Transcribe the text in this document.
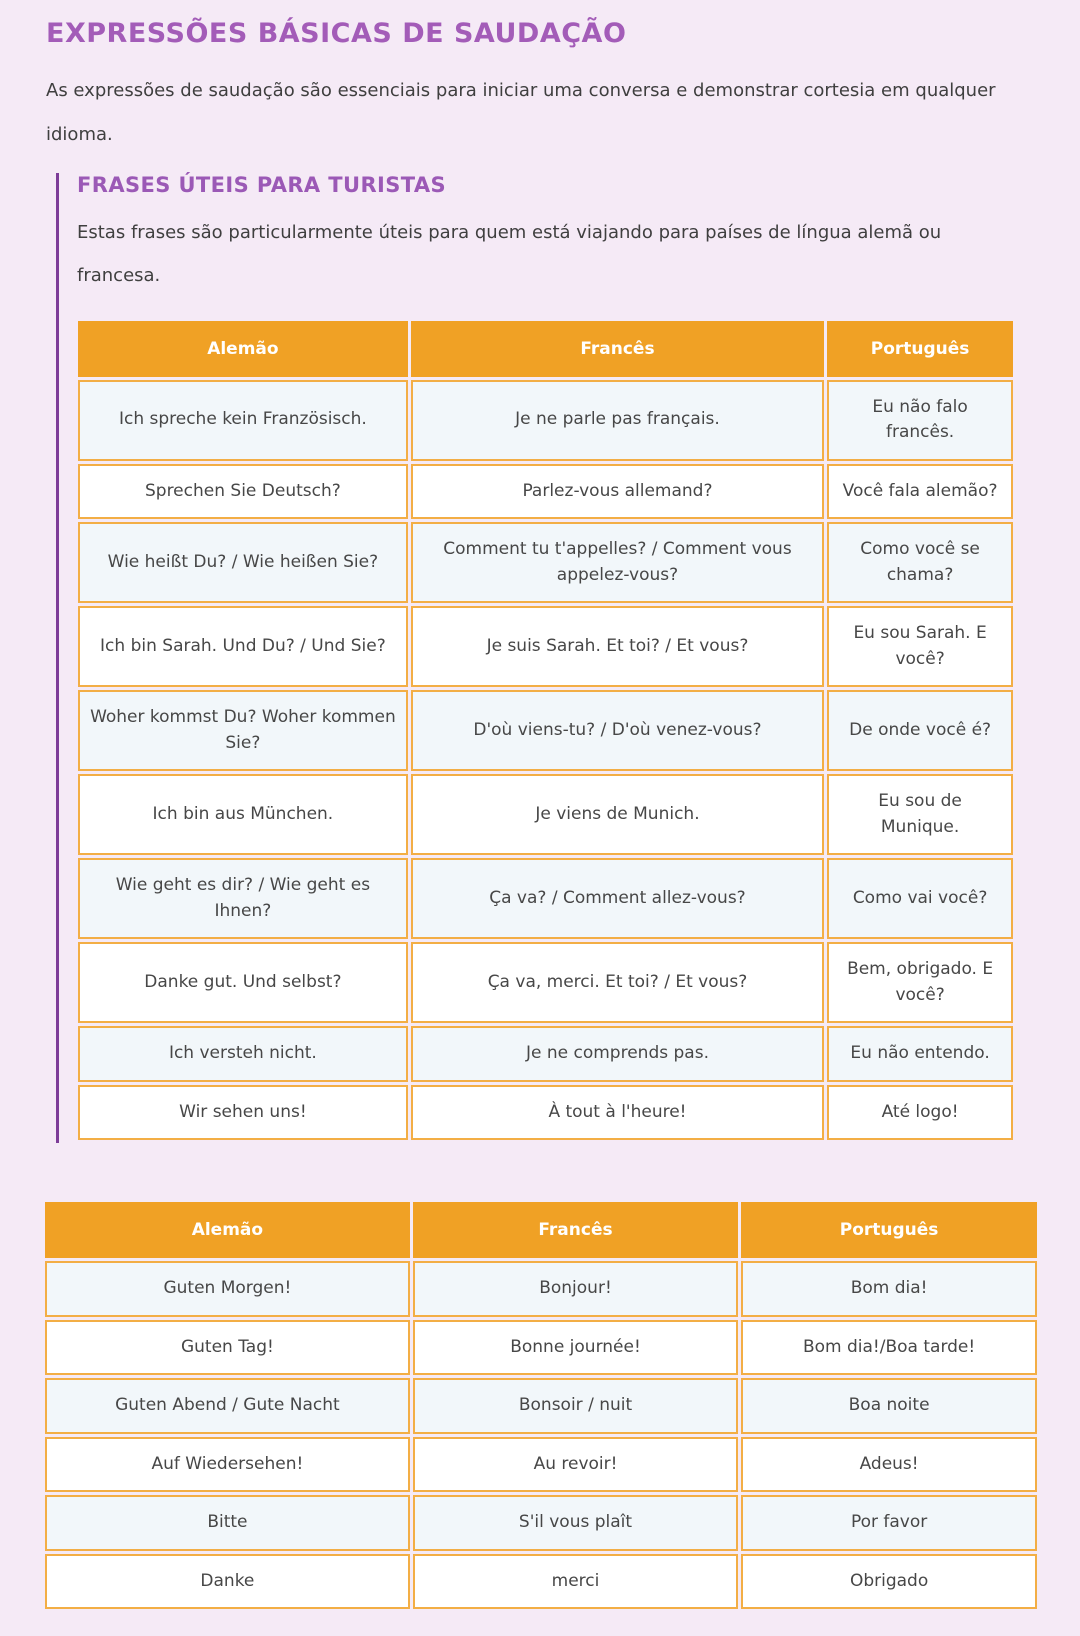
EXPRESSÕES BÁSICAS DE SAUDAÇÃO

As expressões de saudação são essenciais para iniciar uma conversa e demonstrar cortesia em qualquer idioma.

FRASES ÚTEIS PARA TURISTAS

Estas frases são particularmente úteis para quem está viajando para países de língua alemã ou francesa.

Alemão	Francês	Português
Ich spreche kein Französisch.	Je ne parle pas français.	Eu não falo francês.
Sprechen Sie Deutsch?	Parlez-vous allemand?	Você fala alemão?
Wie heißt Du? / Wie heißen Sie?	Comment tu t'appelles? / Comment vous appelez-vous?	Como você se chama?
Ich bin Sarah. Und Du? / Und Sie?	Je suis Sarah. Et toi? / Et vous?	Eu sou Sarah. E você?
Woher kommst Du? Woher kommen Sie?	D'où viens-tu? / D'où venez-vous?	De onde você é?
Ich bin aus München.	Je viens de Munich.	Eu sou de Munique.
Wie geht es dir? / Wie geht es Ihnen?	Ça va? / Comment allez-vous?	Como vai você?
Danke gut. Und selbst?	Ça va, merci. Et toi? / Et vous?	Bem, obrigado. E você?
Ich versteh nicht.	Je ne comprends pas.	Eu não entendo.
Wir sehen uns!	À tout à l'heure!	Até logo!
Alemão	Francês	Português
Guten Morgen!	Bonjour!	Bom dia!
Guten Tag!	Bonne journée!	Bom dia!/Boa tarde!
Guten Abend / Gute Nacht	Bonsoir / nuit	Boa noite
Auf Wiedersehen!	Au revoir!	Adeus!
Bitte	S'il vous plaît	Por favor
Danke	merci	Obrigado
